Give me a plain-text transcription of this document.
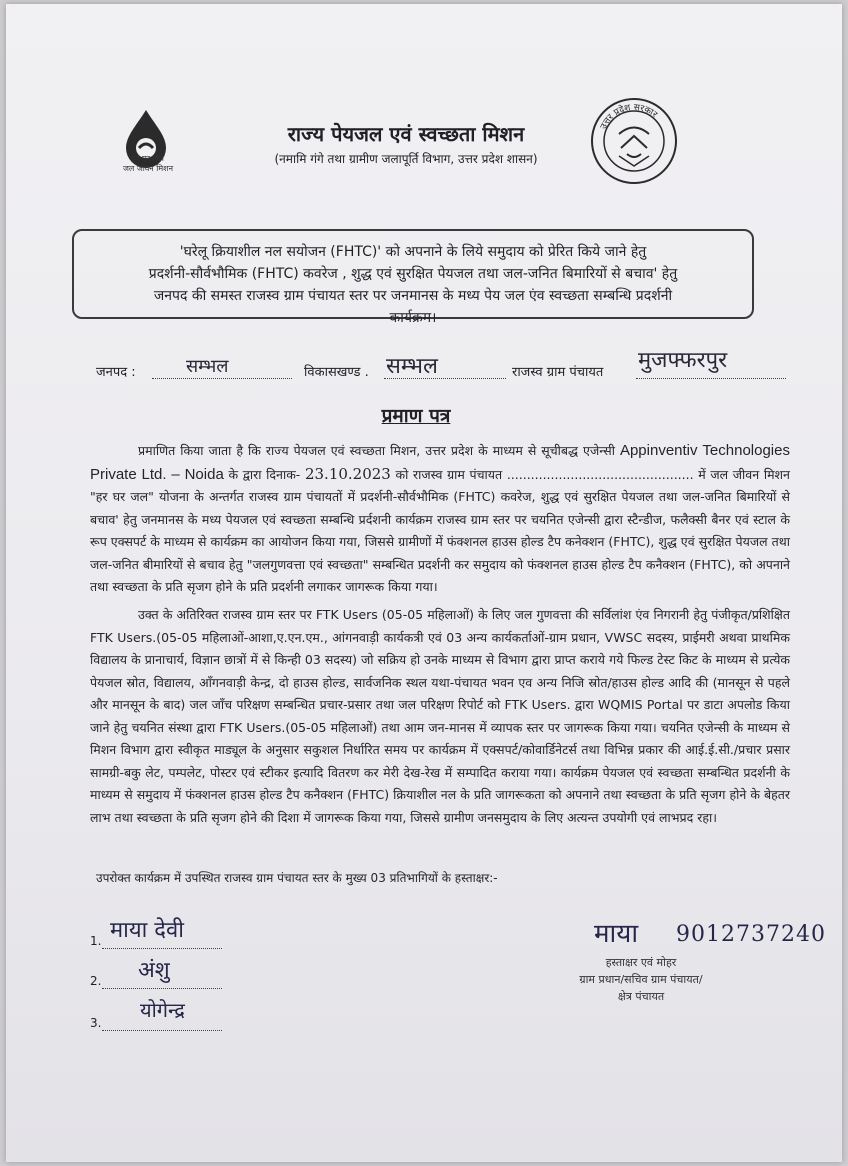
हर घर जल
जल जीवन मिशन
राज्य पेयजल एवं स्वच्छता मिशन
(नमामि गंगे तथा ग्रामीण जलापूर्ति विभाग, उत्तर प्रदेश शासन)
उत्तर प्रदेश सरकार
'घरेलू क्रियाशील नल सयोजन (FHTC)' को अपनाने के लिये समुदाय को प्रेरित किये जाने हेतु
प्रदर्शनी-सौर्वभौमिक (FHTC) कवरेज , शुद्ध एवं सुरक्षित पेयजल तथा जल-जनित बिमारियों से बचाव' हेतु
जनपद की समस्त राजस्व ग्राम पंचायत स्तर पर जनमानस के मध्य पेय जल एंव स्वच्छता सम्बन्धि प्रदर्शनी
कार्यक्रम।
जनपद :	सम्भल	विकासखण्ड . सम्भल	राजस्व ग्राम पंचायत मुजफ्फरपुर
प्रमाण पत्र
प्रमाणित किया जाता है कि राज्य पेयजल एवं स्वच्छता मिशन, उत्तर प्रदेश के माध्यम से सूचीबद्ध एजेन्सी Appinventiv Technologies Private Ltd. – Noida के द्वारा दिनाक- 23.10.2023 को राजस्व ग्राम पंचायत ............................................... में जल जीवन मिशन "हर घर जल" योजना के अन्तर्गत राजस्व ग्राम पंचायतों में प्रदर्शनी-सौर्वभौमिक (FHTC) कवरेज, शुद्ध एवं सुरक्षित पेयजल तथा जल-जनित बिमारियों से बचाव' हेतु जनमानस के मध्य पेयजल एवं स्वच्छता सम्बन्धि प्रर्दशनी कार्यक्रम राजस्व ग्राम स्तर पर चयनित एजेन्सी द्वारा स्टैन्डीज, फलैक्सी बैनर एवं स्टाल के रूप एक्सपर्ट के माध्यम से कार्यक्रम का आयोजन किया गया, जिससे ग्रामीणों में फंक्शनल हाउस होल्ड टैप कनेक्शन (FHTC), शुद्ध एवं सुरक्षित पेयजल तथा जल-जनित बीमारियों से बचाव हेतु "जलगुणवत्ता एवं स्वच्छता" सम्बन्धित प्रदर्शनी कर समुदाय को फंक्शनल हाउस होल्ड टैप कनैक्शन (FHTC), को अपनाने तथा स्वच्छता के प्रति सृजग होने के प्रति प्रदर्शनी लगाकर जागरूक किया गया।
उक्त के अतिरिक्त राजस्व ग्राम स्तर पर FTK Users (05-05 महिलाओं) के लिए जल गुणवत्ता की सर्विलांश एंव निगरानी हेतु पंजीकृत/प्रशिक्षित FTK Users.(05-05 महिलाओं-आशा,ए.एन.एम., आंगनवाड़ी कार्यकत्री एवं 03 अन्य कार्यकर्ताओं-ग्राम प्रधान, VWSC सदस्य, प्राईमरी अथवा प्राथमिक विद्यालय के प्रानाचार्य, विज्ञान छात्रों में से किन्ही 03 सदस्य) जो सक्रिय हो उनके माध्यम से विभाग द्वारा प्राप्त कराये गये फिल्ड टेस्ट किट के माध्यम से प्रत्येक पेयजल स्रोत, विद्यालय, आँगनवाड़ी केन्द्र, दो हाउस होल्ड, सार्वजनिक स्थल यथा-पंचायत भवन एव अन्य निजि स्रोत/हाउस होल्ड आदि की (मानसून से पहले और मानसून के बाद) जल जाँच परिक्षण सम्बन्धित प्रचार-प्रसार तथा जल परिक्षण रिपोर्ट को FTK Users. द्वारा WQMIS Portal पर डाटा अपलोड किया जाने हेतु चयनित संस्था द्वारा FTK Users.(05-05 महिलाओं) तथा आम जन-मानस में व्यापक स्तर पर जागरूक किया गया। चयनित एजेन्सी के माध्यम से मिशन विभाग द्वारा स्वीकृत माड्यूल के अनुसार सकुशल निर्धारित समय पर कार्यक्रम में एक्सपर्ट/कोवार्डिनेटर्स तथा विभिन्न प्रकार की आई.ई.सी./प्रचार प्रसार सामग्री-बकु लेट, पम्पलेट, पोस्टर एवं स्टीकर इत्यादि वितरण कर मेरी देख-रेख में सम्पादित कराया गया। कार्यक्रम पेयजल एवं स्वच्छता सम्बन्धित प्रदर्शनी के माध्यम से समुदाय में फंक्शनल हाउस होल्ड टैप कनैक्शन (FHTC) क्रियाशील नल के प्रति जागरूकता को अपनाने तथा स्वच्छता के प्रति सृजग होने के बेहतर लाभ तथा स्वच्छता के प्रति सृजग होने की दिशा में जागरूक किया गया, जिससे ग्रामीण जनसमुदाय के लिए अत्यन्त उपयोगी एवं लाभप्रद रहा।
उपरोक्त कार्यक्रम में उपस्थित राजस्व ग्राम पंचायत स्तर के मुख्य 03 प्रतिभागियों के हस्ताक्षर:-
1. माया देवी
2. अंशु
3.
योगेन्द्र
माया 9012737240
हस्ताक्षर एवं मोहर
ग्राम प्रधान/सचिव ग्राम पंचायत/
क्षेत्र पंचायत
